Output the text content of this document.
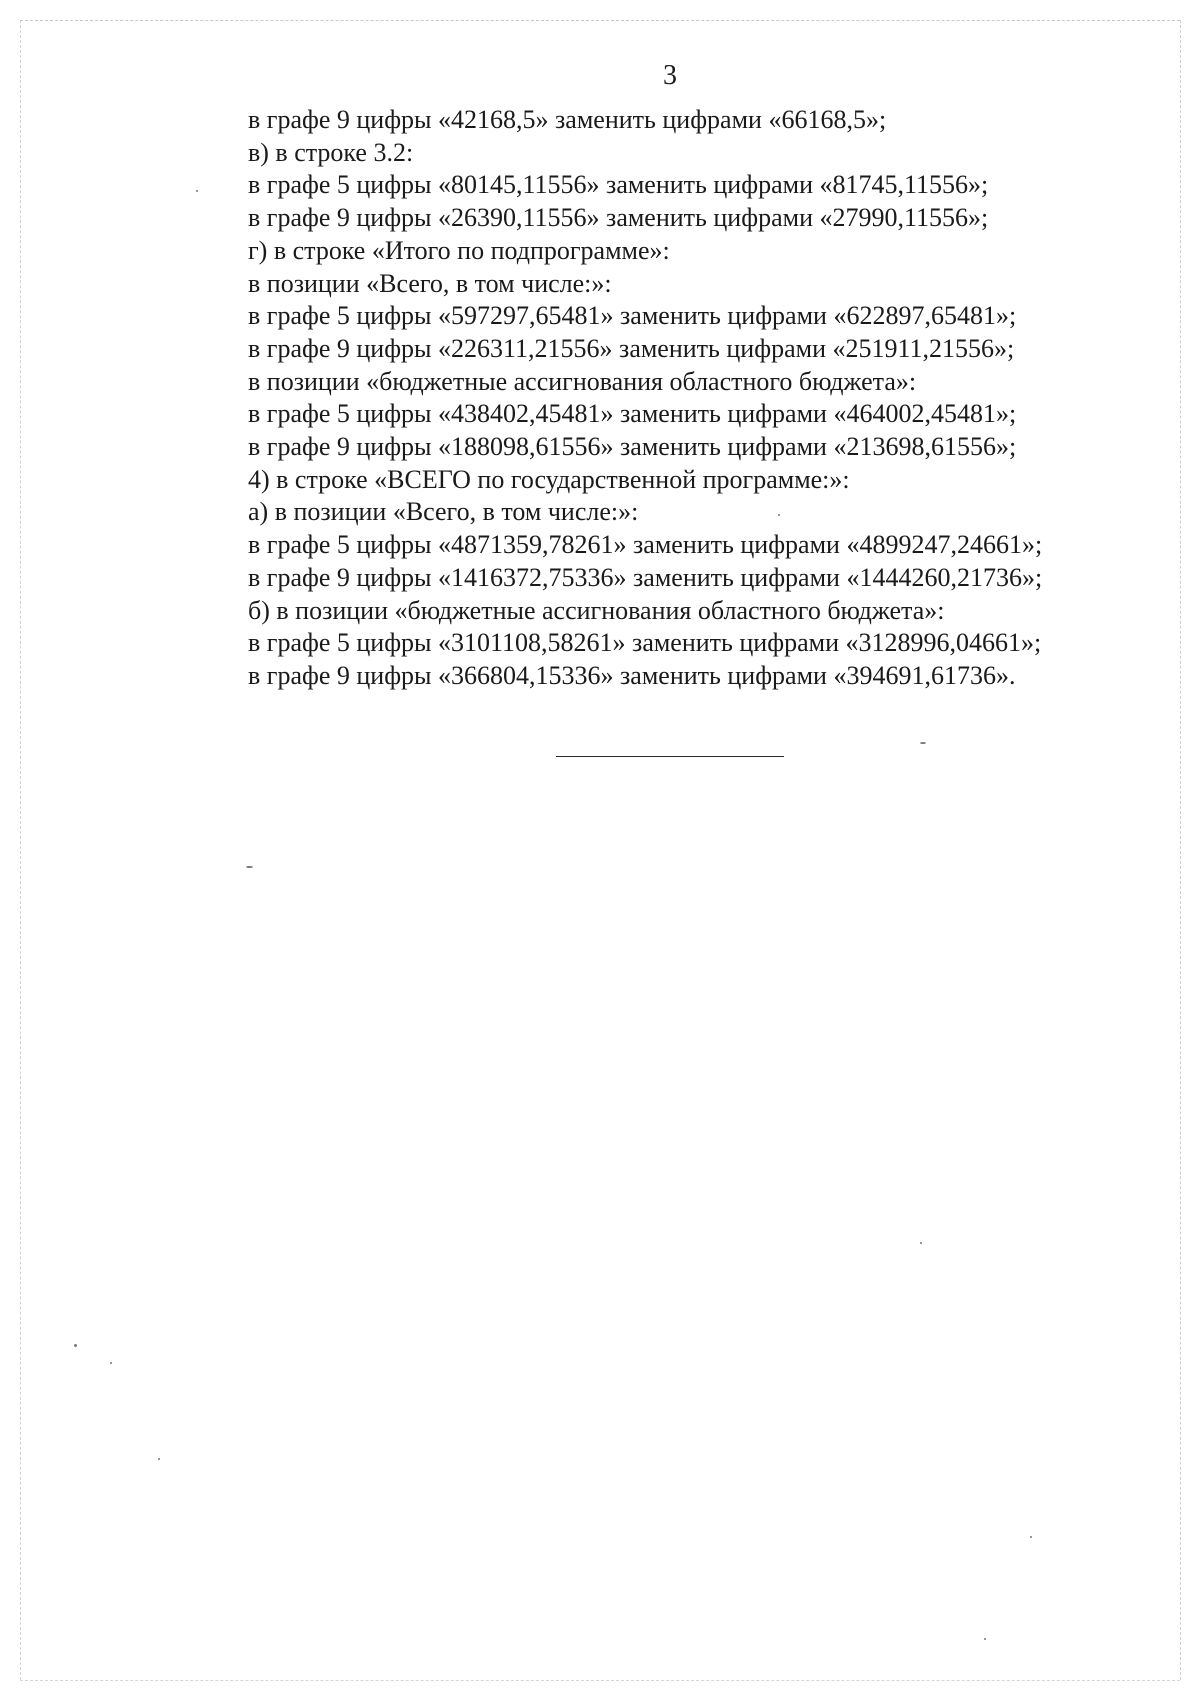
3
в графе 9 цифры «42168,5» заменить цифрами «66168,5»;
в) в строке 3.2:
в графе 5 цифры «80145,11556» заменить цифрами «81745,11556»;
в графе 9 цифры «26390,11556» заменить цифрами «27990,11556»;
г) в строке «Итого по подпрограмме»:
в позиции «Всего, в том числе:»:
в графе 5 цифры «597297,65481» заменить цифрами «622897,65481»;
в графе 9 цифры «226311,21556» заменить цифрами «251911,21556»;
в позиции «бюджетные ассигнования областного бюджета»:
в графе 5 цифры «438402,45481» заменить цифрами «464002,45481»;
в графе 9 цифры «188098,61556» заменить цифрами «213698,61556»;
4) в строке «ВСЕГО по государственной программе:»:
а) в позиции «Всего, в том числе:»:
в графе 5 цифры «4871359,78261» заменить цифрами «4899247,24661»;
в графе 9 цифры «1416372,75336» заменить цифрами «1444260,21736»;
б) в позиции «бюджетные ассигнования областного бюджета»:
в графе 5 цифры «3101108,58261» заменить цифрами «3128996,04661»;
в графе 9 цифры «366804,15336» заменить цифрами «394691,61736».
